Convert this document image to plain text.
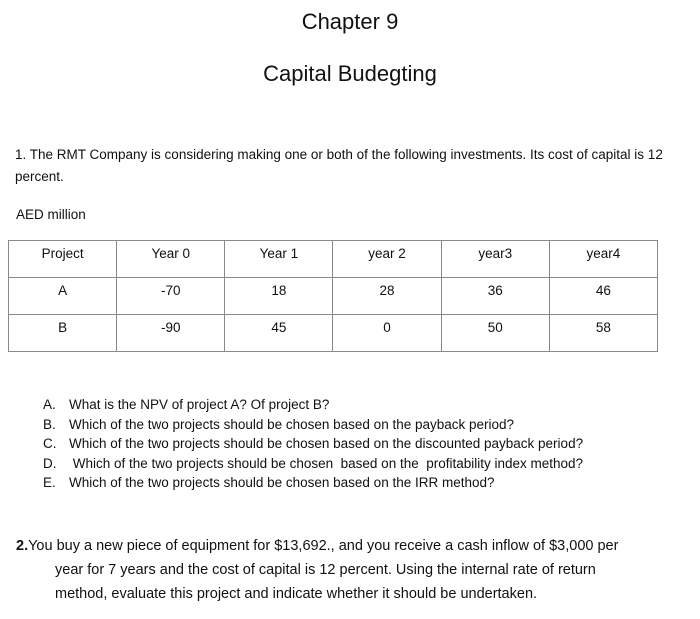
Chapter 9
Capital Budegting
1. The RMT Company is considering making one or both of the following investments. Its cost of capital is 12 percent.
AED million
Project	Year 0	Year 1	year 2	year3	year4

A	-70	18	28	36	46

B	-90	45	0	50	58
A. What is the NPV of project A? Of project B?
B. Which of the two projects should be chosen based on the payback period?
C. Which of the two projects should be chosen based on the discounted payback period?
D. Which of the two projects should be chosen  based on the  profitability index method?
E. Which of the two projects should be chosen based on the IRR method?
2.You buy a new piece of equipment for $13,692., and you receive a cash inflow of $3,000 per
year for 7 years and the cost of capital is 12 percent. Using the internal rate of return
method, evaluate this project and indicate whether it should be undertaken.
